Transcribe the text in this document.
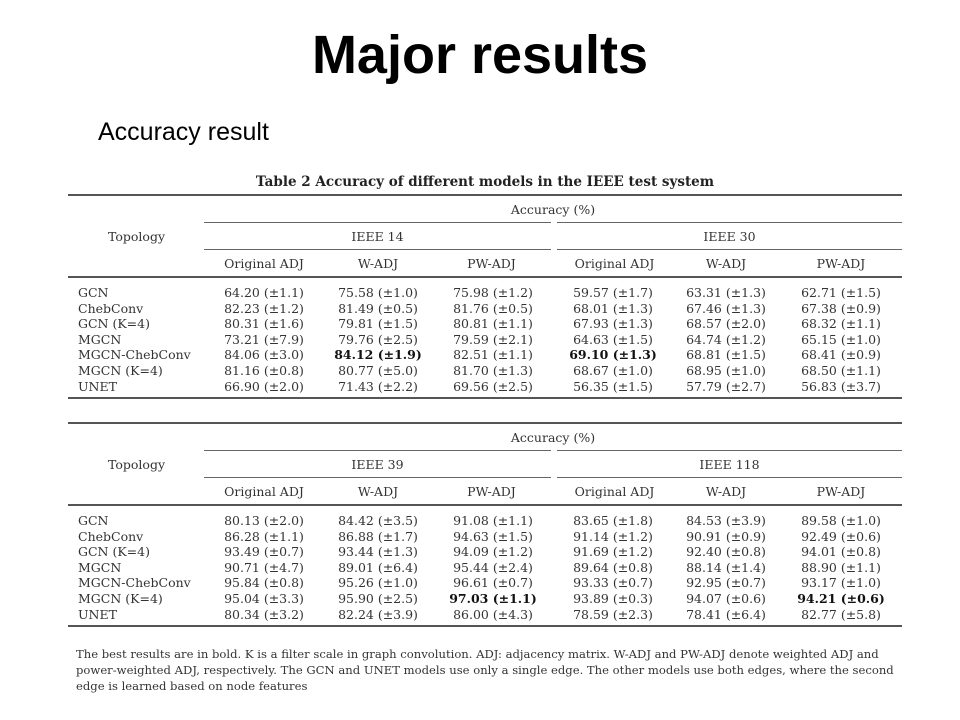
Major results
Accuracy result
Table 2 Accuracy of different models in the IEEE test system
Topology	Accuracy (%)					
	IEEE 14			IEEE 30		
	Original ADJ	W-ADJ	PW-ADJ	Original ADJ	W-ADJ	PW-ADJ
GCN	64.20 (±1.1)	75.58 (±1.0)	75.98 (±1.2)	59.57 (±1.7)	63.31 (±1.3)	62.71 (±1.5)
ChebConv	82.23 (±1.2)	81.49 (±0.5)	81.76 (±0.5)	68.01 (±1.3)	67.46 (±1.3)	67.38 (±0.9)
GCN (K=4)	80.31 (±1.6)	79.81 (±1.5)	80.81 (±1.1)	67.93 (±1.3)	68.57 (±2.0)	68.32 (±1.1)
MGCN	73.21 (±7.9)	79.76 (±2.5)	79.59 (±2.1)	64.63 (±1.5)	64.74 (±1.2)	65.15 (±1.0)
MGCN-ChebConv	84.06 (±3.0)	84.12 (±1.9)	82.51 (±1.1)	69.10 (±1.3)	68.81 (±1.5)	68.41 (±0.9)
MGCN (K=4)	81.16 (±0.8)	80.77 (±5.0)	81.70 (±1.3)	68.67 (±1.0)	68.95 (±1.0)	68.50 (±1.1)
UNET	66.90 (±2.0)	71.43 (±2.2)	69.56 (±2.5)	56.35 (±1.5)	57.79 (±2.7)	56.83 (±3.7)
Topology	Accuracy (%)					
	IEEE 39			IEEE 118		
	Original ADJ	W-ADJ	PW-ADJ	Original ADJ	W-ADJ	PW-ADJ
GCN	80.13 (±2.0)	84.42 (±3.5)	91.08 (±1.1)	83.65 (±1.8)	84.53 (±3.9)	89.58 (±1.0)
ChebConv	86.28 (±1.1)	86.88 (±1.7)	94.63 (±1.5)	91.14 (±1.2)	90.91 (±0.9)	92.49 (±0.6)
GCN (K=4)	93.49 (±0.7)	93.44 (±1.3)	94.09 (±1.2)	91.69 (±1.2)	92.40 (±0.8)	94.01 (±0.8)
MGCN	90.71 (±4.7)	89.01 (±6.4)	95.44 (±2.4)	89.64 (±0.8)	88.14 (±1.4)	88.90 (±1.1)
MGCN-ChebConv	95.84 (±0.8)	95.26 (±1.0)	96.61 (±0.7)	93.33 (±0.7)	92.95 (±0.7)	93.17 (±1.0)
MGCN (K=4)	95.04 (±3.3)	95.90 (±2.5)	97.03 (±1.1)	93.89 (±0.3)	94.07 (±0.6)	94.21 (±0.6)
UNET	80.34 (±3.2)	82.24 (±3.9)	86.00 (±4.3)	78.59 (±2.3)	78.41 (±6.4)	82.77 (±5.8)
The best results are in bold. K is a filter scale in graph convolution. ADJ: adjacency matrix. W-ADJ and PW-ADJ denote weighted ADJ and power-weighted ADJ, respectively. The GCN and UNET models use only a single edge. The other models use both edges, where the second edge is learned based on node features
